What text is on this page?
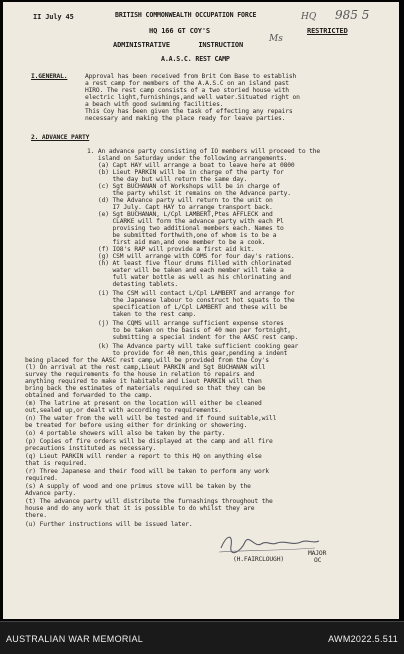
II July 45	BRITISH COMMONWEALTH OCCUPATION FORCE	985 5
HQ
HQ 166 GT COY'S	RESTRICTED
Ms
ADMINISTRATIVE       INSTRUCTION
A.A.S.C. REST CAMP
I.GENERAL.	Approval has been received from Brit Com Base to establish
a rest camp for members of the A.A.S.C on an island past
HIRO. The rest camp consists of a two storied house with
electric light,furnishings,and well water.Situated right on
a beach with good swimming facilities.
This Coy has been given the task of effecting any repairs
necessary and making the place ready for leave parties.
2. ADVANCE PARTY
1. An advance party consisting of IO members will proceed to the
island on Saturday under the following arrangements.
(a) Capt HAY will arrange a boat to leave here at 0800
(b) Lieut PARKIN will be in charge of the party for
the day but will return the same day.
(c) Sgt BUCHANAN of Workshops will be in charge of
the party whilst it remains on the Advance party.
(d) The Advance party will return to the unit on
I7 July. Capt HAY to arrange transport back.
(e) Sgt BUCHANAN, L/Cpl LAMBERT,Ptes AFFLECK and
CLARKE will form the advance party with each Pl
provising two additional members each. Names to
be submitted forthwith,one of whom is to be a
first aid man,and one member to be a cook.
(f) IO8's RAP will provide a first aid kit.
(g) CSM will arrange with COMS for four day's rations.
(h) At least five flour drums filled with chlorinated
water will be taken and each member will take a
full water bottle as well as his chlorinating and
detasting tablets.
(i) The CSM will contact L/Cpl LAMBERT and arrange for
the Japanese labour to construct hot squats to the
specification of L/Cpl LAMBERT and these will be
taken to the rest camp.
(j) The CQMS will arrange sufficient expense stores
to be taken on the basis of 40 men per fortnight,
submitting a special indent for the AASC rest camp.
(k) The Advance party will take sufficient cooking gear
to provide for 40 men,this gear,pending a indent
being placed for the AASC rest camp,will be provided from the Coy's
(l) On arrival at the rest camp,Lieut PARKIN and Sgt BUCHANAN will
survey the requirements fo the house in relation to repairs and
anything required to make it habitable and Lieut PARKIN will then
bring back the estimates of materials required so that they can be
obtained and forwarded to the camp.
(m) The latrine at present on the location will either be cleaned
out,sealed up,or dealt with according to requirements.
(n) The water from the well will be tested and if found suitable,will
be treated for before using either for drinking or showering.
(o) 4 portable showers will also be taken by the party.
(p) Copies of fire orders will be displayed at the camp and all fire
precautions instituted as necessary.
(q) Lieut PARKIN will render a report to this HQ on anything else
that is required.
(r) Three Japanese and their food will be taken to perform any work
required.
(s) A supply of wood and one primus stove will be taken by the
Advance party.
(t) The advance party will distribute the furnashings throughout the
house and do any work that it is possible to do whilst they are
there.
(u) Further instructions will be issued later.
(H.FAIRCLOUGH)
MAJOR
OC
AUSTRALIAN WAR MEMORIAL	AWM2022.5.511
